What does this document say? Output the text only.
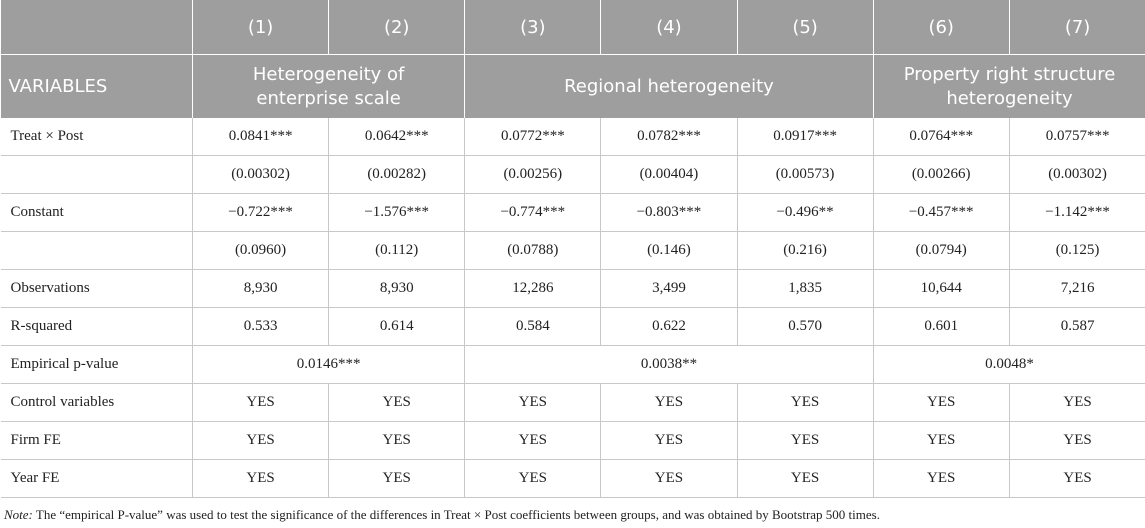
	(1)	(2)	(3)	(4)	(5)	(6)	(7)
VARIABLES	Heterogeneity of enterprise scale		Regional heterogeneity			Property right structure heterogeneity	
Treat × Post	0.0841***	0.0642***	0.0772***	0.0782***	0.0917***	0.0764***	0.0757***
	(0.00302)	(0.00282)	(0.00256)	(0.00404)	(0.00573)	(0.00266)	(0.00302)
Constant	−0.722***	−1.576***	−0.774***	−0.803***	−0.496**	−0.457***	−1.142***
	(0.0960)	(0.112)	(0.0788)	(0.146)	(0.216)	(0.0794)	(0.125)
Observations	8,930	8,930	12,286	3,499	1,835	10,644	7,216
R-squared	0.533	0.614	0.584	0.622	0.570	0.601	0.587
Empirical p-value	0.0146***		0.0038**			0.0048*	
Control variables	YES	YES	YES	YES	YES	YES	YES
Firm FE	YES	YES	YES	YES	YES	YES	YES
Year FE	YES	YES	YES	YES	YES	YES	YES
Note: The “empirical P-value” was used to test the significance of the differences in Treat × Post coefficients between groups, and was obtained by Bootstrap 500 times.
